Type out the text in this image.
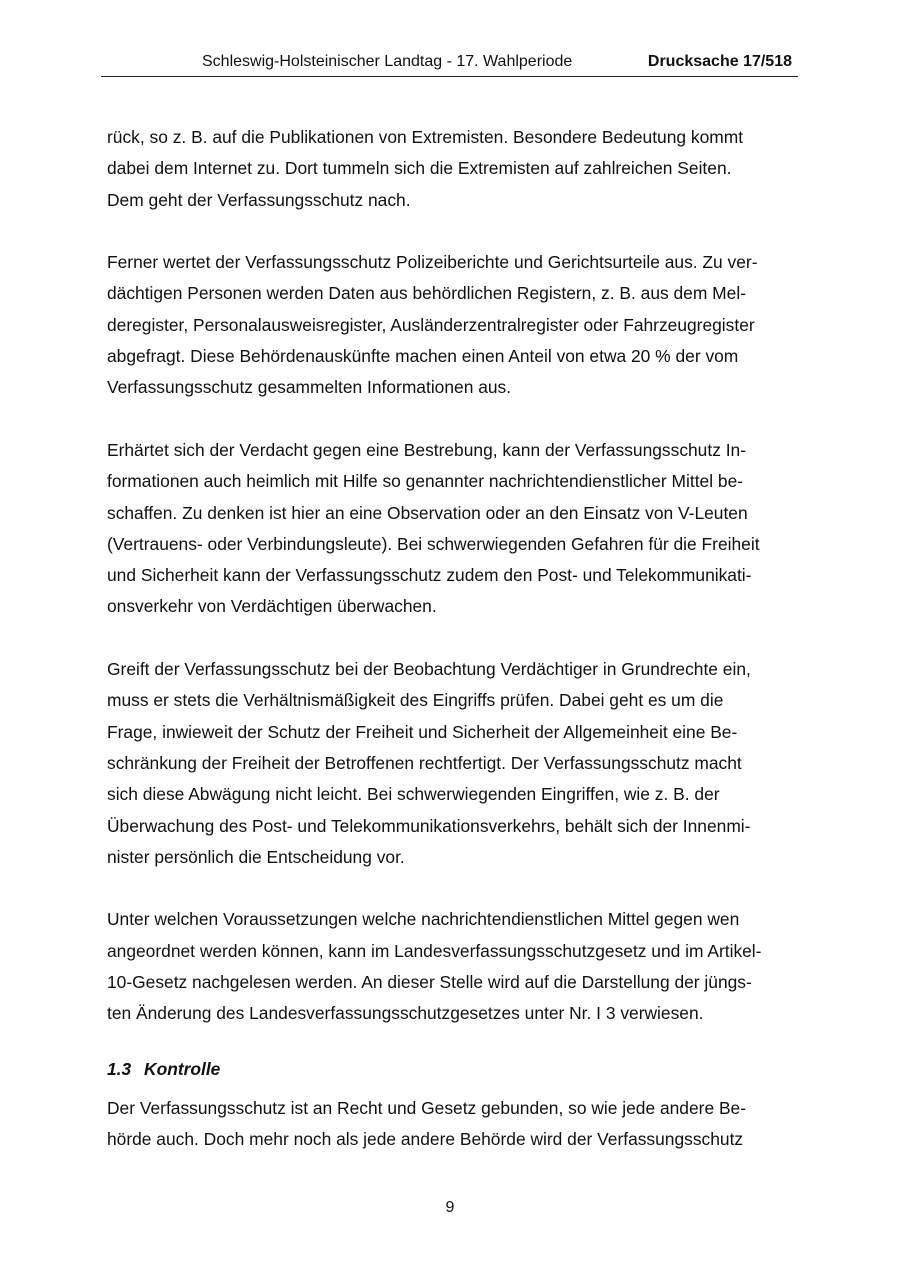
Schleswig-Holsteinischer Landtag - 17. Wahlperiode	Drucksache 17/518

rück, so z. B. auf die Publikationen von Extremisten. Besondere Bedeutung kommt
dabei dem Internet zu. Dort tummeln sich die Extremisten auf zahlreichen Seiten.
Dem geht der Verfassungsschutz nach.

Ferner wertet der Verfassungsschutz Polizeiberichte und Gerichtsurteile aus. Zu ver-
dächtigen Personen werden Daten aus behördlichen Registern, z. B. aus dem Mel-
deregister, Personalausweisregister, Ausländerzentralregister oder Fahrzeugregister
abgefragt. Diese Behördenauskünfte machen einen Anteil von etwa 20 % der vom
Verfassungsschutz gesammelten Informationen aus.

Erhärtet sich der Verdacht gegen eine Bestrebung, kann der Verfassungsschutz In-
formationen auch heimlich mit Hilfe so genannter nachrichtendienstlicher Mittel be-
schaffen. Zu denken ist hier an eine Observation oder an den Einsatz von V-Leuten
(Vertrauens- oder Verbindungsleute). Bei schwerwiegenden Gefahren für die Freiheit
und Sicherheit kann der Verfassungsschutz zudem den Post- und Telekommunikati-
onsverkehr von Verdächtigen überwachen.

Greift der Verfassungsschutz bei der Beobachtung Verdächtiger in Grundrechte ein,
muss er stets die Verhältnismäßigkeit des Eingriffs prüfen. Dabei geht es um die
Frage, inwieweit der Schutz der Freiheit und Sicherheit der Allgemeinheit eine Be-
schränkung der Freiheit der Betroffenen rechtfertigt. Der Verfassungsschutz macht
sich diese Abwägung nicht leicht. Bei schwerwiegenden Eingriffen, wie z. B. der
Überwachung des Post- und Telekommunikationsverkehrs, behält sich der Innenmi-
nister persönlich die Entscheidung vor.

Unter welchen Voraussetzungen welche nachrichtendienstlichen Mittel gegen wen
angeordnet werden können, kann im Landesverfassungsschutzgesetz und im Artikel-
10-Gesetz nachgelesen werden. An dieser Stelle wird auf die Darstellung der jüngs-
ten Änderung des Landesverfassungsschutzgesetzes unter Nr. I 3 verwiesen.

1.3 Kontrolle

Der Verfassungsschutz ist an Recht und Gesetz gebunden, so wie jede andere Be-
hörde auch. Doch mehr noch als jede andere Behörde wird der Verfassungsschutz

9
